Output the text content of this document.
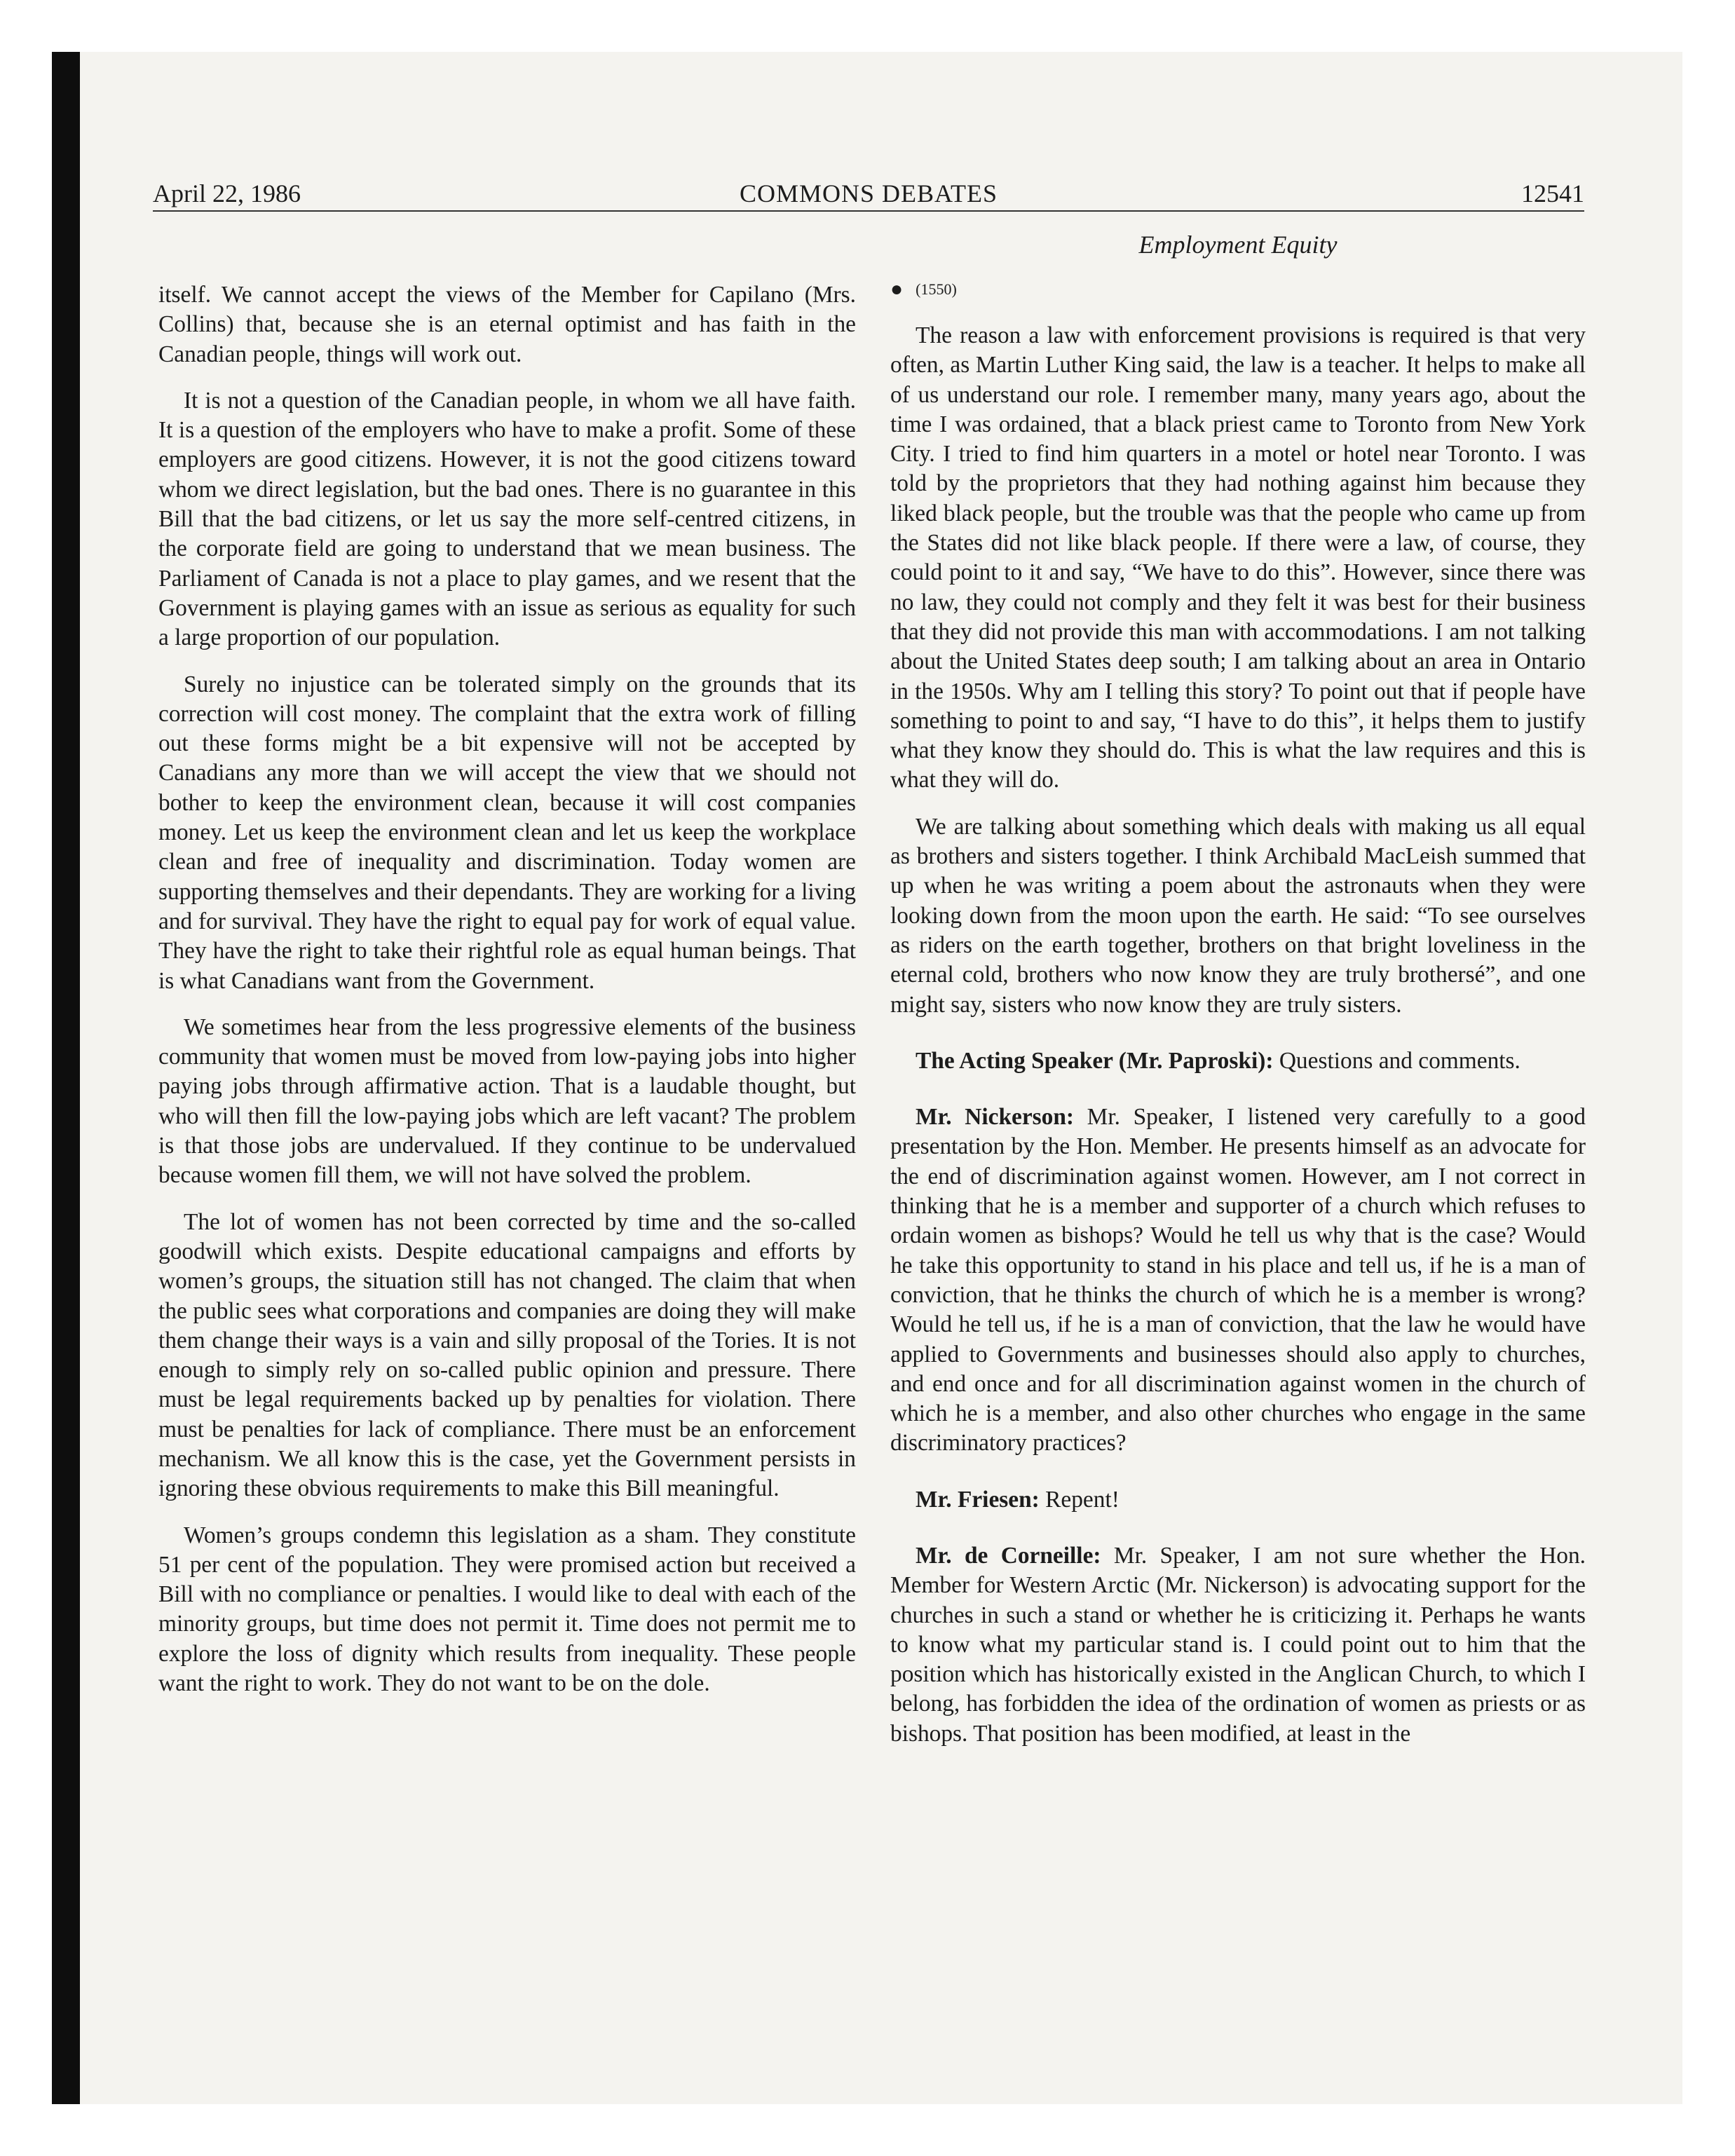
April 22, 1986	COMMONS DEBATES	12541
Employment Equity

itself. We cannot accept the views of the Member for Capilano (Mrs. Collins) that, because she is an eternal optimist and has faith in the Canadian people, things will work out.

It is not a question of the Canadian people, in whom we all have faith. It is a question of the employers who have to make a profit. Some of these employers are good citizens. However, it is not the good citizens toward whom we direct legislation, but the bad ones. There is no guarantee in this Bill that the bad citizens, or let us say the more self-centred citizens, in the corporate field are going to understand that we mean business. The Parliament of Canada is not a place to play games, and we resent that the Government is playing games with an issue as serious as equality for such a large proportion of our population.

Surely no injustice can be tolerated simply on the grounds that its correction will cost money. The complaint that the extra work of filling out these forms might be a bit expensive will not be accepted by Canadians any more than we will accept the view that we should not bother to keep the environment clean, because it will cost companies money. Let us keep the environment clean and let us keep the workplace clean and free of inequality and discrimination. Today women are supporting themselves and their dependants. They are working for a living and for survival. They have the right to equal pay for work of equal value. They have the right to take their rightful role as equal human beings. That is what Canadians want from the Government.

We sometimes hear from the less progressive elements of the business community that women must be moved from low-paying jobs into higher paying jobs through affirmative action. That is a laudable thought, but who will then fill the low-paying jobs which are left vacant? The problem is that those jobs are undervalued. If they continue to be undervalued because women fill them, we will not have solved the problem.

The lot of women has not been corrected by time and the so-called goodwill which exists. Despite educational campaigns and efforts by women’s groups, the situation still has not changed. The claim that when the public sees what corporations and companies are doing they will make them change their ways is a vain and silly proposal of the Tories. It is not enough to simply rely on so-called public opinion and pressure. There must be legal requirements backed up by penalties for violation. There must be penalties for lack of compliance. There must be an enforcement mechanism. We all know this is the case, yet the Government persists in ignoring these obvious requirements to make this Bill meaningful.

Women’s groups condemn this legislation as a sham. They constitute 51 per cent of the population. They were promised action but received a Bill with no compliance or penalties. I would like to deal with each of the minority groups, but time does not permit it. Time does not permit me to explore the loss of dignity which results from inequality. These people want the right to work. They do not want to be on the dole.

● (1550)

The reason a law with enforcement provisions is required is that very often, as Martin Luther King said, the law is a teacher. It helps to make all of us understand our role. I remember many, many years ago, about the time I was ordained, that a black priest came to Toronto from New York City. I tried to find him quarters in a motel or hotel near Toronto. I was told by the proprietors that they had nothing against him because they liked black people, but the trouble was that the people who came up from the States did not like black people. If there were a law, of course, they could point to it and say, “We have to do this”. However, since there was no law, they could not comply and they felt it was best for their business that they did not provide this man with accommodations. I am not talking about the United States deep south; I am talking about an area in Ontario in the 1950s. Why am I telling this story? To point out that if people have something to point to and say, “I have to do this”, it helps them to justify what they know they should do. This is what the law requires and this is what they will do.

We are talking about something which deals with making us all equal as brothers and sisters together. I think Archibald MacLeish summed that up when he was writing a poem about the astronauts when they were looking down from the moon upon the earth. He said: “To see ourselves as riders on the earth together, brothers on that bright loveliness in the eternal cold, brothers who now know they are truly brothersé”, and one might say, sisters who now know they are truly sisters.

The Acting Speaker (Mr. Paproski): Questions and comments.

Mr. Nickerson: Mr. Speaker, I listened very carefully to a good presentation by the Hon. Member. He presents himself as an advocate for the end of discrimination against women. However, am I not correct in thinking that he is a member and supporter of a church which refuses to ordain women as bishops? Would he tell us why that is the case? Would he take this opportunity to stand in his place and tell us, if he is a man of conviction, that he thinks the church of which he is a member is wrong? Would he tell us, if he is a man of conviction, that the law he would have applied to Governments and businesses should also apply to churches, and end once and for all discrimination against women in the church of which he is a member, and also other churches who engage in the same discriminatory practices?

Mr. Friesen: Repent!

Mr. de Corneille: Mr. Speaker, I am not sure whether the Hon. Member for Western Arctic (Mr. Nickerson) is advocating support for the churches in such a stand or whether he is criticizing it. Perhaps he wants to know what my particular stand is. I could point out to him that the position which has historically existed in the Anglican Church, to which I belong, has forbidden the idea of the ordination of women as priests or as bishops. That position has been modified, at least in the
